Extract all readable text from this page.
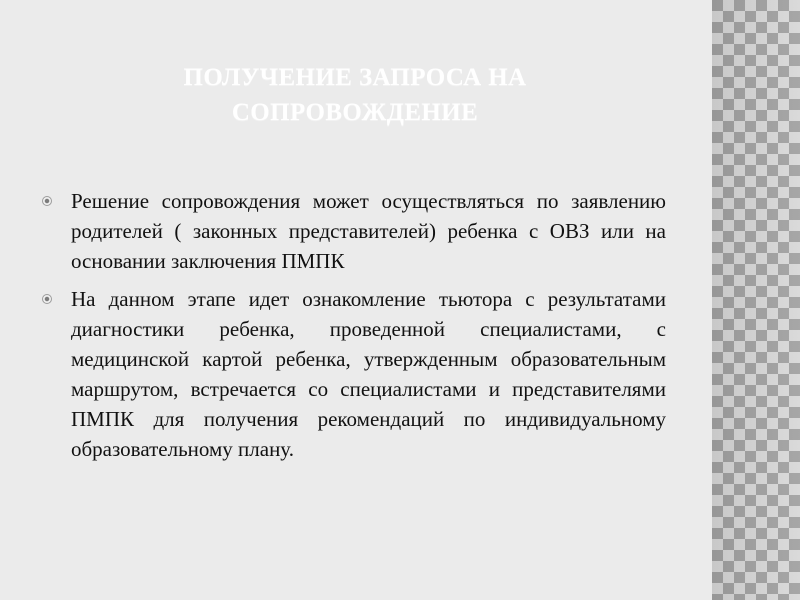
ПОЛУЧЕНИЕ ЗАПРОСА НА СОПРОВОЖДЕНИЕ

Решение сопровождения может осуществляться по заявлению родителей ( законных представителей) ребенка с ОВЗ или на основании заключения ПМПК

На данном этапе идет ознакомление тьютора с результатами диагностики ребенка, проведенной специалистами, с медицинской картой ребенка, утвержденным образовательным маршрутом, встречается со специалистами и представителями ПМПК для получения рекомендаций по индивидуальному образовательному плану.
